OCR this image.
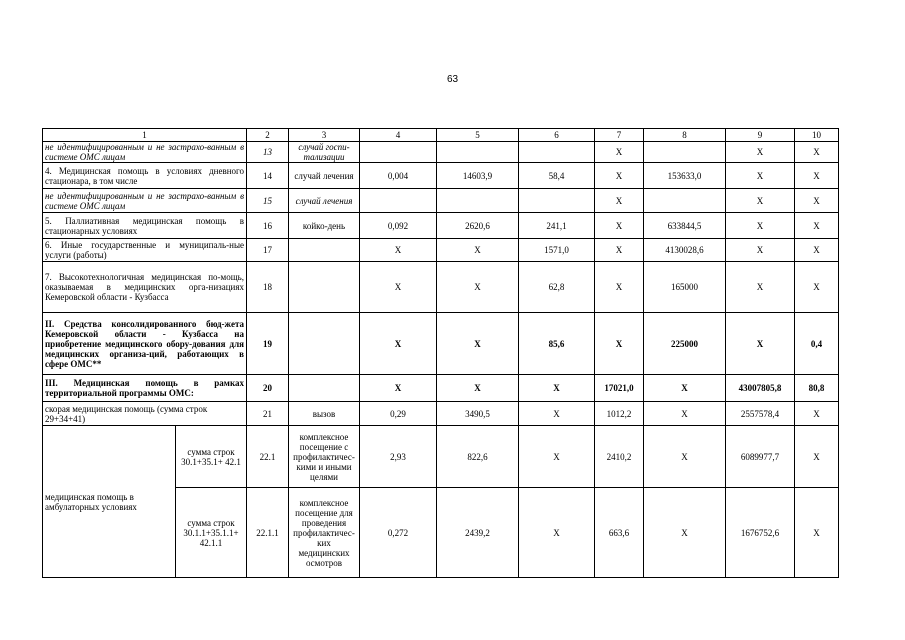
63
1		2	3	4	5	6	7	8	9	10
не идентифицированным и не застрахо-ванным в системе ОМС лицам		13	случай госпи-тализации				X		X	X
4. Медицинская помощь в условиях дневного стационара, в том числе		14	случай лечения	0,004	14603,9	58,4	X	153633,0	X	X
не идентифицированным и не застрахо-ванным в системе ОМС лицам		15	случай лечения				X		X	X
5. Паллиативная медицинская помощь в стационарных условиях		16	койко-день	0,092	2620,6	241,1	X	633844,5	X	X
6. Иные государственные и муниципаль-ные услуги (работы)		17		X	X	1571,0	X	4130028,6	X	X
7. Высокотехнологичная медицинская по-мощь, оказываемая в медицинских орга-низациях Кемеровской области - Кузбасса		18		X	X	62,8	X	165000	X	X
II. Средства консолидированного бюд-жета Кемеровской области - Кузбасса на приобретение медицинского обору-дования для медицинских организа-ций, работающих в сфере ОМС**		19		X	X	85,6	X	225000	X	0,4
III. Медицинская помощь в рамках территориальной программы ОМС:		20		X	X	X	17021,0	X	43007805,8	80,8
скорая медицинская помощь (сумма строк 29+34+41)		21	вызов	0,29	3490,5	X	1012,2	X	2557578,4	X
медицинская помощь в амбулаторных условиях	сумма строк 30.1+35.1+ 42.1	22.1	комплексное посещение с профилактичес-кими и иными целями	2,93	822,6	X	2410,2	X	6089977,7	X
	сумма строк 30.1.1+35.1.1+ 42.1.1	22.1.1	комплексное посещение для проведения профилактичес-ких медицинских осмотров	0,272	2439,2	X	663,6	X	1676752,6	X
